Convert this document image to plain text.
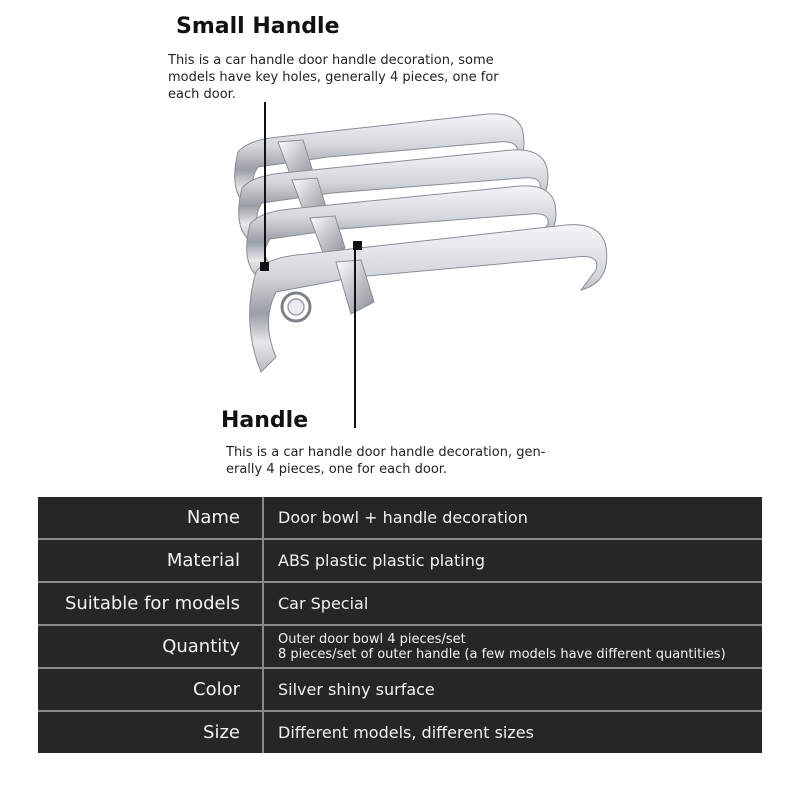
Small Handle

This is a car handle door handle decoration, some models have key holes, generally 4 pieces, one for each door.

Handle

This is a car handle door handle decoration, gen- erally 4 pieces, one for each door.

Name	Door bowl + handle decoration
Material	ABS plastic plastic plating
Suitable for models	Car Special
Quantity	Outer door bowl 4 pieces/set
8 pieces/set of outer handle (a few models have different quantities)

Color	Silver shiny surface
Size	Different models, different sizes
